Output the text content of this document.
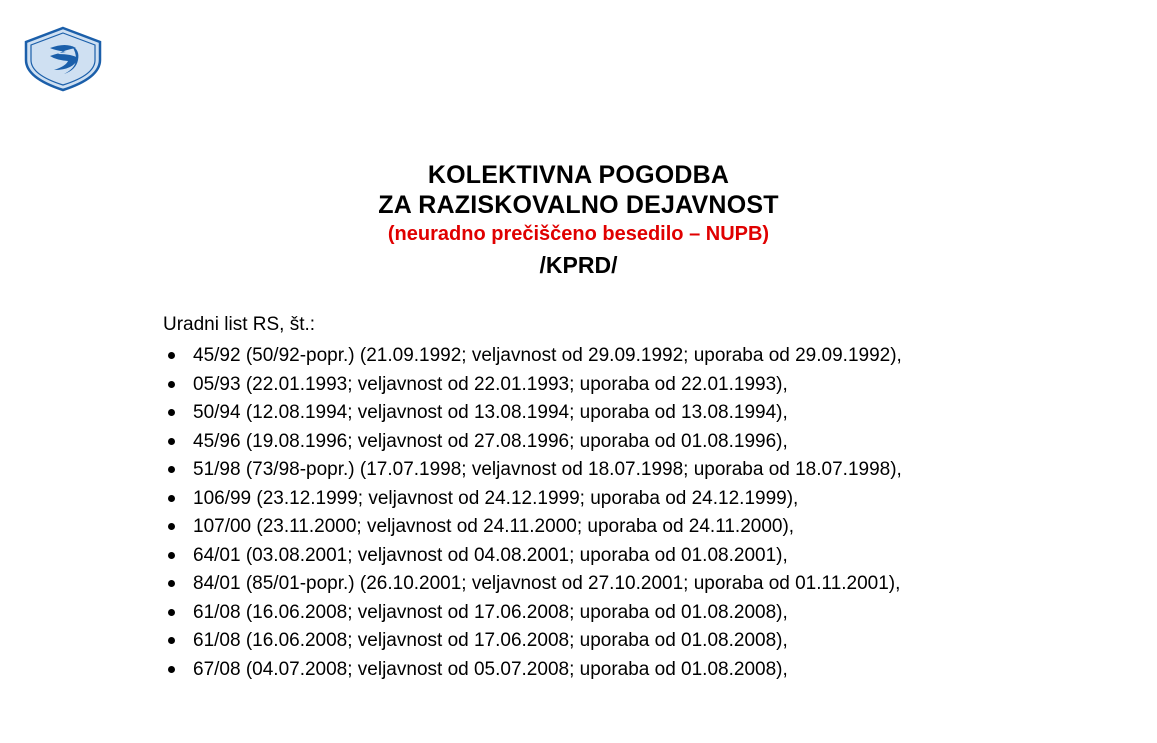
KOLEKTIVNA POGODBA
ZA RAZISKOVALNO DEJAVNOST
(neuradno prečiščeno besedilo – NUPB)
/KPRD/

Uradni list RS, št.:

45/92 (50/92-popr.) (21.09.1992; veljavnost od 29.09.1992; uporaba od 29.09.1992),
05/93 (22.01.1993; veljavnost od 22.01.1993; uporaba od 22.01.1993),
50/94 (12.08.1994; veljavnost od 13.08.1994; uporaba od 13.08.1994),
45/96 (19.08.1996; veljavnost od 27.08.1996; uporaba od 01.08.1996),
51/98 (73/98-popr.) (17.07.1998; veljavnost od 18.07.1998; uporaba od 18.07.1998),
106/99 (23.12.1999; veljavnost od 24.12.1999; uporaba od 24.12.1999),
107/00 (23.11.2000; veljavnost od 24.11.2000; uporaba od 24.11.2000),
64/01 (03.08.2001; veljavnost od 04.08.2001; uporaba od 01.08.2001),
84/01 (85/01-popr.) (26.10.2001; veljavnost od 27.10.2001; uporaba od 01.11.2001),
61/08 (16.06.2008; veljavnost od 17.06.2008; uporaba od 01.08.2008),
61/08 (16.06.2008; veljavnost od 17.06.2008; uporaba od 01.08.2008),
67/08 (04.07.2008; veljavnost od 05.07.2008; uporaba od 01.08.2008),
